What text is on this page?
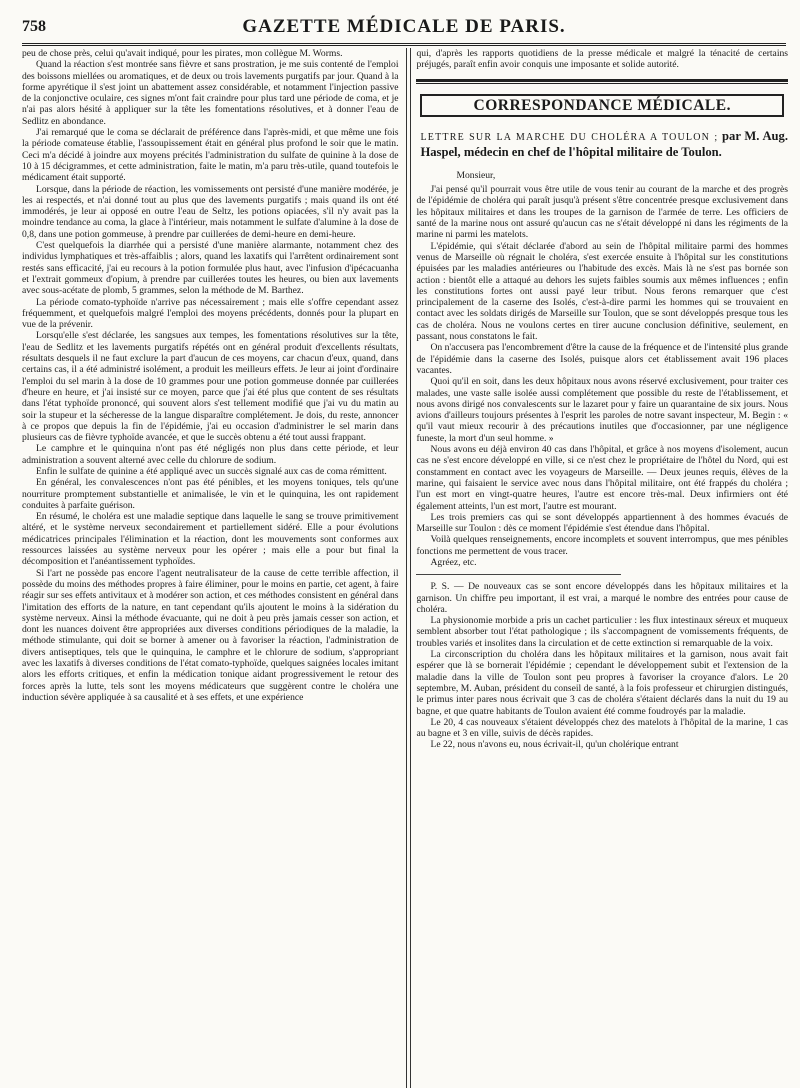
758	GAZETTE MÉDICALE DE PARIS.

peu de chose près, celui qu'avait indiqué, pour les pirates, mon collègue M. Worms.

Quand la réaction s'est montrée sans fièvre et sans prostration, je me suis contenté de l'emploi des boissons miellées ou aromatiques, et de deux ou trois lavements purgatifs par jour. Quand à la forme apyrétique il s'est joint un abattement assez considérable, et notamment l'injection passive de la conjonctive oculaire, ces signes m'ont fait craindre pour plus tard une période de coma, et je n'ai pas alors hésité à appliquer sur la tête les fomentations résolutives, et à donner l'eau de Sedlitz en abondance.

J'ai remarqué que le coma se déclarait de préférence dans l'après-midi, et que même une fois la période comateuse établie, l'assoupissement était en général plus profond le soir que le matin. Ceci m'a décidé à joindre aux moyens précités l'administration du sulfate de quinine à la dose de 10 à 15 décigrammes, et cette administration, faite le matin, m'a paru très-utile, quand toutefois le médicament était supporté.

Lorsque, dans la période de réaction, les vomissements ont persisté d'une manière modérée, je les ai respectés, et n'ai donné tout au plus que des lavements purgatifs ; mais quand ils ont été immodérés, je leur ai opposé en outre l'eau de Seltz, les potions opiacées, s'il n'y avait pas la moindre tendance au coma, la glace à l'intérieur, mais notamment le sulfate d'alumine à la dose de 0,8, dans une potion gommeuse, à prendre par cuillerées de demi-heure en demi-heure.

C'est quelquefois la diarrhée qui a persisté d'une manière alarmante, notamment chez des individus lymphatiques et très-affaiblis ; alors, quand les laxatifs qui l'arrêtent ordinairement sont restés sans efficacité, j'ai eu recours à la potion formulée plus haut, avec l'infusion d'ipécacuanha et l'extrait gommeux d'opium, à prendre par cuillerées toutes les heures, ou bien aux lavements avec sous-acétate de plomb, 5 grammes, selon la méthode de M. Barthez.

La période comato-typhoïde n'arrive pas nécessairement ; mais elle s'offre cependant assez fréquemment, et quelquefois malgré l'emploi des moyens précédents, donnés pour la plupart en vue de la prévenir.

Lorsqu'elle s'est déclarée, les sangsues aux tempes, les fomentations résolutives sur la tête, l'eau de Sedlitz et les lavements purgatifs répétés ont en général produit d'excellents résultats, résultats desquels il ne faut exclure la part d'aucun de ces moyens, car chacun d'eux, quand, dans certains cas, il a été administré isolément, a produit les meilleurs effets. Je leur ai joint d'ordinaire l'emploi du sel marin à la dose de 10 grammes pour une potion gommeuse donnée par cuillerées d'heure en heure, et j'ai insisté sur ce moyen, parce que j'ai été plus que content de ses résultats dans l'état typhoïde prononcé, qui souvent alors s'est tellement modifié que j'ai vu du matin au soir la stupeur et la sécheresse de la langue disparaître complétement. Je dois, du reste, annoncer à ce propos que depuis la fin de l'épidémie, j'ai eu occasion d'administrer le sel marin dans plusieurs cas de fièvre typhoïde avancée, et que le succès obtenu a été tout aussi frappant.

Le camphre et le quinquina n'ont pas été négligés non plus dans cette période, et leur administration a souvent alterné avec celle du chlorure de sodium.

Enfin le sulfate de quinine a été appliqué avec un succès signalé aux cas de coma rémittent.

En général, les convalescences n'ont pas été pénibles, et les moyens toniques, tels qu'une nourriture promptement substantielle et animalisée, le vin et le quinquina, les ont rapidement conduites à parfaite guérison.

En résumé, le choléra est une maladie septique dans laquelle le sang se trouve primitivement altéré, et le système nerveux secondairement et partiellement sidéré. Elle a pour évolutions médicatrices principales l'élimination et la réaction, dont les mouvements sont conformes aux ressources laissées au système nerveux pour les opérer ; mais elle a pour but final la décomposition et l'anéantissement typhoïdes.

Si l'art ne possède pas encore l'agent neutralisateur de la cause de cette terrible affection, il possède du moins des méthodes propres à faire éliminer, pour le moins en partie, cet agent, à faire réagir sur ses effets antivitaux et à modérer son action, et ces méthodes consistent en général dans l'imitation des efforts de la nature, en tant cependant qu'ils ajoutent le moins à la sidération du système nerveux. Ainsi la méthode évacuante, qui ne doit à peu près jamais cesser son action, et dont les nuances doivent être appropriées aux diverses conditions périodiques de la maladie, la méthode stimulante, qui doit se borner à amener ou à favoriser la réaction, l'administration de divers antiseptiques, tels que le quinquina, le camphre et le chlorure de sodium, s'appropriant avec les laxatifs à diverses conditions de l'état comato-typhoïde, quelques saignées locales imitant alors les efforts critiques, et enfin la médication tonique aidant progressivement le retour des forces après la lutte, tels sont les moyens médicateurs que suggèrent contre le choléra une induction sévère appliquée à sa causalité et à ses effets, et une expérience

qui, d'après les rapports quotidiens de la presse médicale et malgré la ténacité de certains préjugés, paraît enfin avoir conquis une imposante et solide autorité.

CORRESPONDANCE MÉDICALE.
LETTRE SUR LA MARCHE DU CHOLÉRA A TOULON ; par M. Aug. Haspel, médecin en chef de l'hôpital militaire de Toulon.

Monsieur,

J'ai pensé qu'il pourrait vous être utile de vous tenir au courant de la marche et des progrès de l'épidémie de choléra qui paraît jusqu'à présent s'être concentrée presque exclusivement dans les hôpitaux militaires et dans les troupes de la garnison de l'armée de terre. Les officiers de santé de la marine nous ont assuré qu'aucun cas ne s'était développé ni dans les régiments de la marine ni parmi les matelots.

L'épidémie, qui s'était déclarée d'abord au sein de l'hôpital militaire parmi des hommes venus de Marseille où régnait le choléra, s'est exercée ensuite à l'hôpital sur les constitutions épuisées par les maladies antérieures ou l'habitude des excès. Mais là ne s'est pas bornée son action : bientôt elle a attaqué au dehors les sujets faibles soumis aux mêmes influences ; enfin les constitutions fortes ont aussi payé leur tribut. Nous ferons remarquer que c'est principalement de la caserne des Isolés, c'est-à-dire parmi les hommes qui se trouvaient en contact avec les soldats dirigés de Marseille sur Toulon, que se sont développés presque tous les cas de choléra. Nous ne voulons certes en tirer aucune conclusion définitive, seulement, en passant, nous constatons le fait.

On n'accusera pas l'encombrement d'être la cause de la fréquence et de l'intensité plus grande de l'épidémie dans la caserne des Isolés, puisque alors cet établissement avait 196 places vacantes.

Quoi qu'il en soit, dans les deux hôpitaux nous avons réservé exclusivement, pour traiter ces malades, une vaste salle isolée aussi complétement que possible du reste de l'établissement, et nous avons dirigé nos convalescents sur le lazaret pour y faire un quarantaine de six jours. Nous avions d'ailleurs toujours présentes à l'esprit les paroles de notre savant inspecteur, M. Begin : « qu'il vaut mieux recourir à des précautions inutiles que d'occasionner, par une négligence funeste, la mort d'un seul homme. »

Nous avons eu déjà environ 40 cas dans l'hôpital, et grâce à nos moyens d'isolement, aucun cas ne s'est encore développé en ville, si ce n'est chez le propriétaire de l'hôtel du Nord, qui est constamment en contact avec les voyageurs de Marseille. — Deux jeunes requis, élèves de la marine, qui faisaient le service avec nous dans l'hôpital militaire, ont été frappés du choléra ; l'un est mort en vingt-quatre heures, l'autre est encore très-mal. Deux infirmiers ont été également atteints, l'un est mort, l'autre est mourant.

Les trois premiers cas qui se sont développés appartiennent à des hommes évacués de Marseille sur Toulon : dès ce moment l'épidémie s'est étendue dans l'hôpital.

Voilà quelques renseignements, encore incomplets et souvent interrompus, que mes pénibles fonctions me permettent de vous tracer.

Agréez, etc.

P. S. — De nouveaux cas se sont encore développés dans les hôpitaux militaires et la garnison. Un chiffre peu important, il est vrai, a marqué le nombre des entrées pour cause de choléra.

La physionomie morbide a pris un cachet particulier : les flux intestinaux séreux et muqueux semblent absorber tout l'état pathologique ; ils s'accompagnent de vomissements fréquents, de troubles variés et insolites dans la circulation et de cette extinction si remarquable de la voix.

La circonscription du choléra dans les hôpitaux militaires et la garnison, nous avait fait espérer que là se bornerait l'épidémie ; cependant le développement subit et l'extension de la maladie dans la ville de Toulon sont peu propres à favoriser la croyance d'alors. Le 20 septembre, M. Auban, président du conseil de santé, à la fois professeur et chirurgien distingués, le primus inter pares nous écrivait que 3 cas de choléra s'étaient déclarés dans la nuit du 19 au bagne, et que quatre habitants de Toulon avaient été comme foudroyés par la maladie.

Le 20, 4 cas nouveaux s'étaient développés chez des matelots à l'hôpital de la marine, 1 cas au bagne et 3 en ville, suivis de décès rapides.

Le 22, nous n'avons eu, nous écrivait-il, qu'un cholérique entrant
